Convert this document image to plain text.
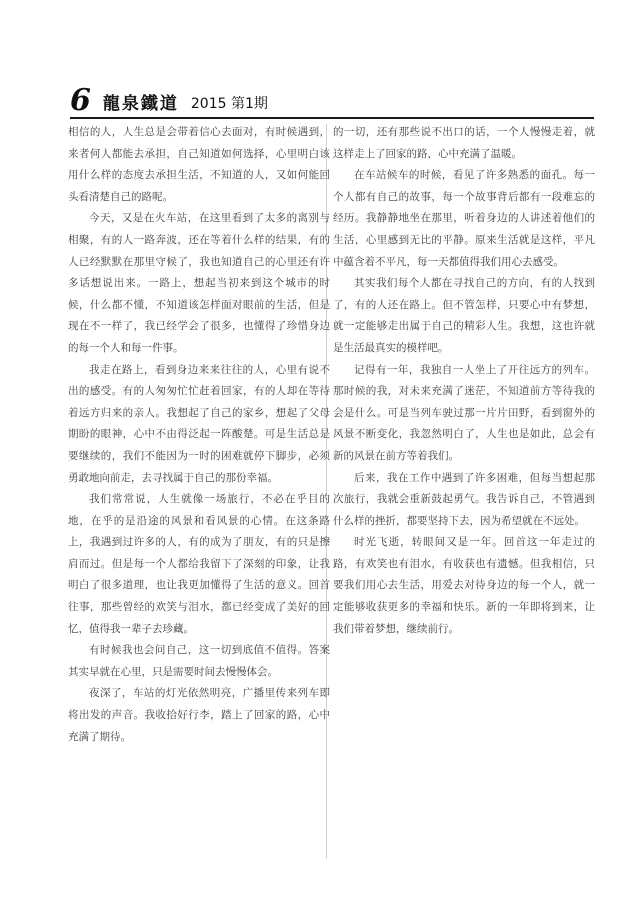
6 龍泉鐵道 2015 第1期

相信的人，人生总是会带着信心去面对，有时候遇到，来者何人都能去承担，自己知道如何选择，心里明白该用什么样的态度去承担生活，不知道的人，又如何能回头看清楚自己的路呢。

今天，又是在火车站，在这里看到了太多的离别与相聚，有的人一路奔波，还在等着什么样的结果，有的人已经默默在那里守候了，我也知道自己的心里还有许多话想说出来。一路上，想起当初来到这个城市的时候，什么都不懂，不知道该怎样面对眼前的生活，但是现在不一样了，我已经学会了很多，也懂得了珍惜身边的每一个人和每一件事。

我走在路上，看到身边来来往往的人，心里有说不出的感受。有的人匆匆忙忙赶着回家，有的人却在等待着远方归来的亲人。我想起了自己的家乡，想起了父母期盼的眼神，心中不由得泛起一阵酸楚。可是生活总是要继续的，我们不能因为一时的困难就停下脚步，必须勇敢地向前走，去寻找属于自己的那份幸福。

我们常常说，人生就像一场旅行，不必在乎目的地，在乎的是沿途的风景和看风景的心情。在这条路上，我遇到过许多的人，有的成为了朋友，有的只是擦肩而过。但是每一个人都给我留下了深刻的印象，让我明白了很多道理，也让我更加懂得了生活的意义。回首往事，那些曾经的欢笑与泪水，都已经变成了美好的回忆，值得我一辈子去珍藏。

有时候我也会问自己，这一切到底值不值得。答案其实早就在心里，只是需要时间去慢慢体会。

夜深了，车站的灯光依然明亮，广播里传来列车即将出发的声音。我收拾好行李，踏上了回家的路，心中充满了期待。

的一切，还有那些说不出口的话，一个人慢慢走着，就这样走上了回家的路，心中充满了温暖。

在车站候车的时候，看见了许多熟悉的面孔。每一个人都有自己的故事，每一个故事背后都有一段难忘的经历。我静静地坐在那里，听着身边的人讲述着他们的生活，心里感到无比的平静。原来生活就是这样，平凡中蕴含着不平凡，每一天都值得我们用心去感受。

其实我们每个人都在寻找自己的方向，有的人找到了，有的人还在路上。但不管怎样，只要心中有梦想，就一定能够走出属于自己的精彩人生。我想，这也许就是生活最真实的模样吧。

记得有一年，我独自一人坐上了开往远方的列车。那时候的我，对未来充满了迷茫，不知道前方等待我的会是什么。可是当列车驶过那一片片田野，看到窗外的风景不断变化，我忽然明白了，人生也是如此，总会有新的风景在前方等着我们。

后来，我在工作中遇到了许多困难，但每当想起那次旅行，我就会重新鼓起勇气。我告诉自己，不管遇到什么样的挫折，都要坚持下去，因为希望就在不远处。

时光飞逝，转眼间又是一年。回首这一年走过的路，有欢笑也有泪水，有收获也有遗憾。但我相信，只要我们用心去生活，用爱去对待身边的每一个人，就一定能够收获更多的幸福和快乐。新的一年即将到来，让我们带着梦想，继续前行。
